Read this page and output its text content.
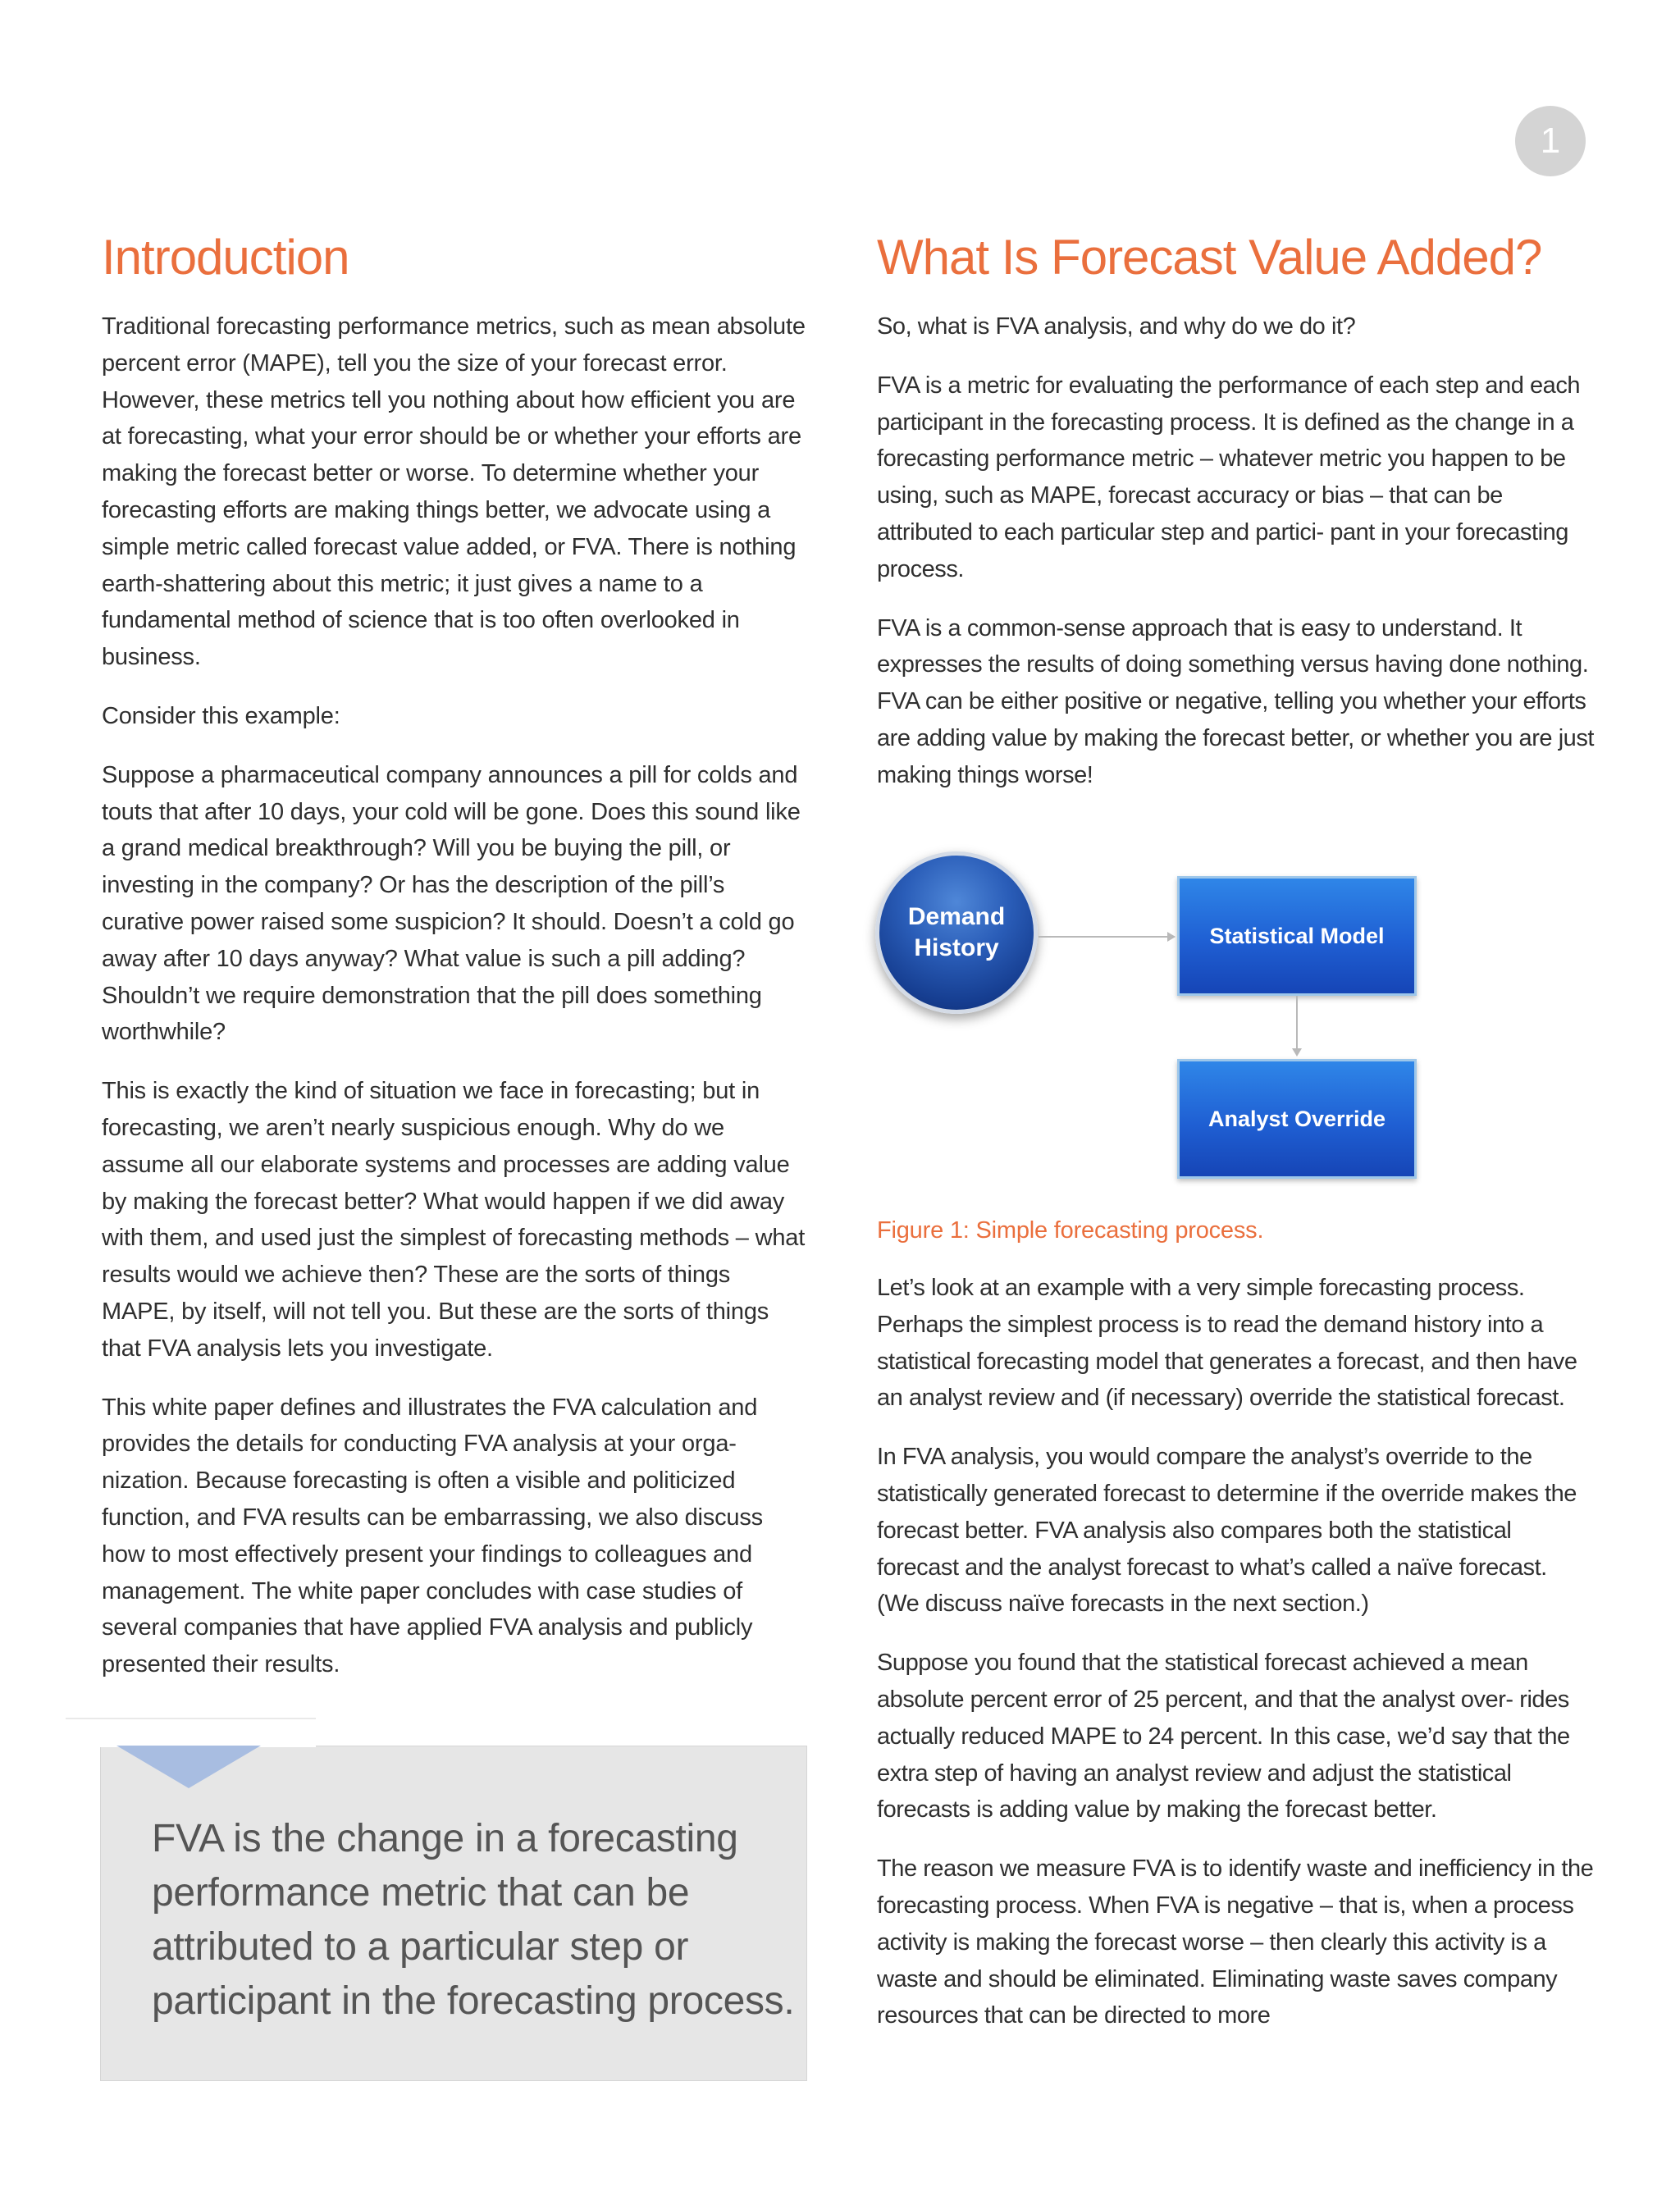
1
Introduction

Traditional forecasting performance metrics, such as mean absolute percent error (MAPE), tell you the size of your forecast error. However, these metrics tell you nothing about how efficient you are at forecasting, what your error should be or whether your efforts are making the forecast better or worse. To determine whether your forecasting efforts are making things better, we advocate using a simple metric called forecast value added, or FVA. There is nothing earth-shattering about this metric; it just gives a name to a fundamental method of science that is too often overlooked in business.

Consider this example:

Suppose a pharmaceutical company announces a pill for colds and touts that after 10 days, your cold will be gone. Does this sound like a grand medical breakthrough? Will you be buying the pill, or investing in the company? Or has the description of the pill’s curative power raised some suspicion? It should. Doesn’t a cold go away after 10 days anyway? What value is such a pill adding? Shouldn’t we require demonstration that the pill does something worthwhile?

This is exactly the kind of situation we face in forecasting; but in forecasting, we aren’t nearly suspicious enough. Why do we assume all our elaborate systems and processes are adding value by making the forecast better? What would happen if we did away with them, and used just the simplest of forecasting methods – what results would we achieve then? These are the sorts of things MAPE, by itself, will not tell you. But these are the sorts of things that FVA analysis lets you investigate.

This white paper defines and illustrates the FVA calculation and provides the details for conducting FVA analysis at your orga- nization. Because forecasting is often a visible and politicized function, and FVA results can be embarrassing, we also discuss how to most effectively present your findings to colleagues and management. The white paper concludes with case studies of several companies that have applied FVA analysis and publicly presented their results.

FVA is the change in a forecasting performance metric that can be attributed to a particular step or participant in the forecasting process.

What Is Forecast Value Added?

So, what is FVA analysis, and why do we do it?

FVA is a metric for evaluating the performance of each step and each participant in the forecasting process. It is defined as the change in a forecasting performance metric – whatever metric you happen to be using, such as MAPE, forecast accuracy or bias – that can be attributed to each particular step and partici- pant in your forecasting process.

FVA is a common-sense approach that is easy to understand. It expresses the results of doing something versus having done nothing. FVA can be either positive or negative, telling you whether your efforts are adding value by making the forecast better, or whether you are just making things worse!

Let’s look at an example with a very simple forecasting process. Perhaps the simplest process is to read the demand history into a statistical forecasting model that generates a forecast, and then have an analyst review and (if necessary) override the statistical forecast.

In FVA analysis, you would compare the analyst’s override to the statistically generated forecast to determine if the override makes the forecast better. FVA analysis also compares both the statistical forecast and the analyst forecast to what’s called a naïve forecast. (We discuss naïve forecasts in the next section.)

Suppose you found that the statistical forecast achieved a mean absolute percent error of 25 percent, and that the analyst over- rides actually reduced MAPE to 24 percent. In this case, we’d say that the extra step of having an analyst review and adjust the statistical forecasts is adding value by making the forecast better.

The reason we measure FVA is to identify waste and inefficiency in the forecasting process. When FVA is negative – that is, when a process activity is making the forecast worse – then clearly this activity is a waste and should be eliminated. Eliminating waste saves company resources that can be directed to more

Demand History	Statistical Model
Analyst Override

Figure 1: Simple forecasting process.
